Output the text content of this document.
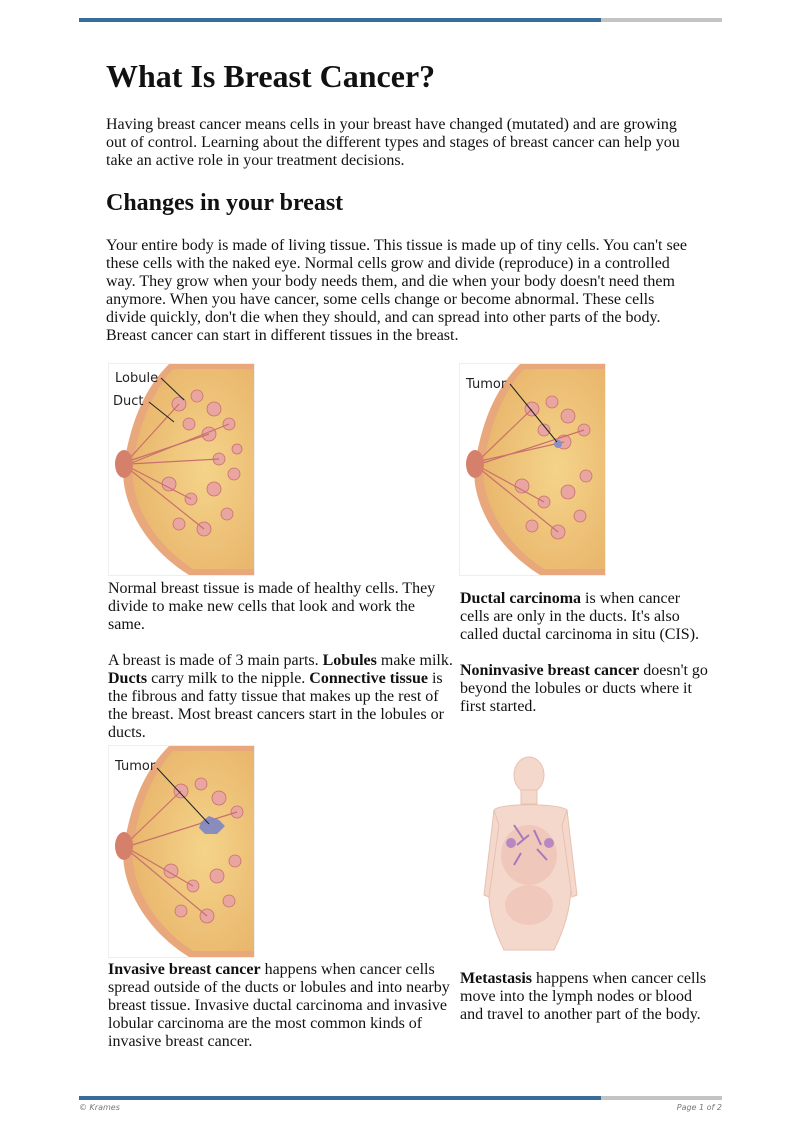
What Is Breast Cancer?

Having breast cancer means cells in your breast have changed (mutated) and are growing out of control. Learning about the different types and stages of breast cancer can help you take an active role in your treatment decisions.

Changes in your breast

Your entire body is made of living tissue. This tissue is made up of tiny cells. You can't see these cells with the naked eye. Normal cells grow and divide (reproduce) in a controlled way. They grow when your body needs them, and die when your body doesn't need them anymore. When you have cancer, some cells change or become abnormal. These cells divide quickly, don't die when they should, and can spread into other parts of the body. Breast cancer can start in different tissues in the breast.

Lobule
Duct
Tumor

Normal breast tissue is made of healthy cells. They divide to make new cells that look and work the same.

A breast is made of 3 main parts. Lobules make milk. Ducts carry milk to the nipple. Connective tissue is the fibrous and fatty tissue that makes up the rest of the breast. Most breast cancers start in the lobules or ducts.

Ductal carcinoma is when cancer cells are only in the ducts. It's also called ductal carcinoma in situ (CIS).

Noninvasive breast cancer doesn't go beyond the lobules or ducts where it first started.

Tumor

Invasive breast cancer happens when cancer cells spread outside of the ducts or lobules and into nearby breast tissue. Invasive ductal carcinoma and invasive lobular carcinoma are the most common kinds of invasive breast cancer.

Metastasis happens when cancer cells move into the lymph nodes or blood and travel to another part of the body.

© Krames	Page 1 of 2
